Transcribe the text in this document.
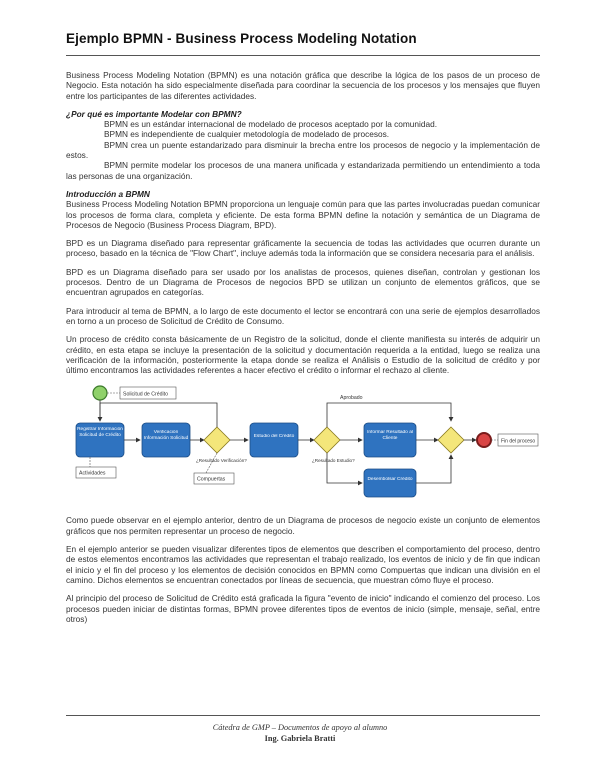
Ejemplo BPMN - Business Process Modeling Notation

Business Process Modeling Notation (BPMN) es una notación gráfica que describe la lógica de los pasos de un proceso de Negocio. Esta notación ha sido especialmente diseñada para coordinar la secuencia de los procesos y los mensajes que fluyen entre los participantes de las diferentes actividades.

¿Por qué es importante Modelar con BPMN?
BPMN es un estándar internacional de modelado de procesos aceptado por la comunidad.
BPMN es independiente de cualquier metodología de modelado de procesos.
BPMN crea un puente estandarizado para disminuir la brecha entre los procesos de negocio y la implementación de estos.
BPMN permite modelar los procesos de una manera unificada y estandarizada permitiendo un entendimiento a toda las personas de una organización.
Introducción a BPMN

Business Process Modeling Notation BPMN proporciona un lenguaje común para que las partes involucradas puedan comunicar los procesos de forma clara, completa y eficiente. De esta forma BPMN define la notación y semántica de un Diagrama de Procesos de Negocio (Business Process Diagram, BPD).

BPD es un Diagrama diseñado para representar gráficamente la secuencia de todas las actividades que ocurren durante un proceso, basado en la técnica de "Flow Chart", incluye además toda la información que se considera necesaria para el análisis.

BPD es un Diagrama diseñado para ser usado por los analistas de procesos, quienes diseñan, controlan y gestionan los procesos. Dentro de un Diagrama de Procesos de negocios BPD se utilizan un conjunto de elementos gráficos, que se encuentran agrupados en categorías.

Para introducir al tema de BPMN, a lo largo de este documento el lector se encontrará con una serie de ejemplos desarrollados en torno a un proceso de Solicitud de Crédito de Consumo.

Un proceso de crédito consta básicamente de un Registro de la solicitud, donde el cliente manifiesta su interés de adquirir un crédito, en esta etapa se incluye la presentación de la solicitud y documentación requerida a la entidad, luego se realiza una verificación de la información, posteriormente la etapa donde se realiza el Análisis o Estudio de la solicitud de crédito y por último encontramos las actividades referentes a hacer efectivo el crédito o informar el rechazo al cliente.

Solicitud de Crédito
Registrar Información Solicitud de Crédito
Actividades
Verificación Información Solicitud
¿Resultado Verificación?
Compuertas
Estudio del Crédito
¿Resultado Estudio?
Aprobado
Informar Resultado al Cliente
Desembolsar Crédito
Fin del proceso

Como puede observar en el ejemplo anterior, dentro de un Diagrama de procesos de negocio existe un conjunto de elementos gráficos que nos permiten representar un proceso de negocio.

En el ejemplo anterior se pueden visualizar diferentes tipos de elementos que describen el comportamiento del proceso, dentro de estos elementos encontramos las actividades que representan el trabajo realizado, los eventos de inicio y de fin que indican el inicio y el fin del proceso y los elementos de decisión conocidos en BPMN como Compuertas que indican una división en el camino. Dichos elementos se encuentran conectados por líneas de secuencia, que muestran cómo fluye el proceso.

Al principio del proceso de Solicitud de Crédito está graficada la figura "evento de inicio" indicando el comienzo del proceso. Los procesos pueden iniciar de distintas formas, BPMN provee diferentes tipos de eventos de inicio (simple, mensaje, señal, entre otros)

Cátedra de GMP – Documentos de apoyo al alumno
Ing. Gabriela Bratti
